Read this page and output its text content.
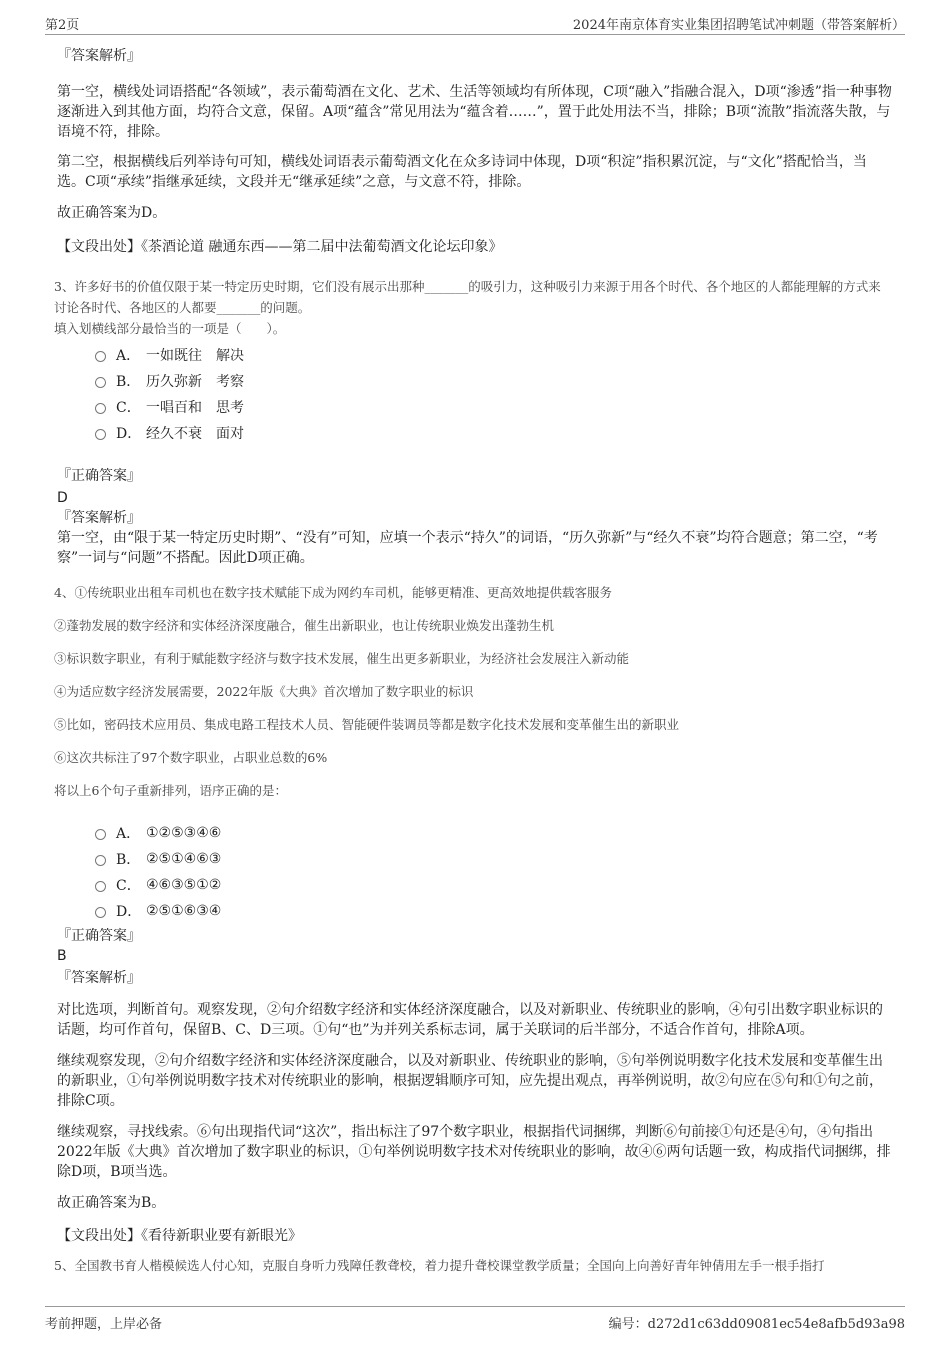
第2页	2024年南京体育实业集团招聘笔试冲刺题（带答案解析）

『答案解析』

第一空，横线处词语搭配“各领域”，表示葡萄酒在文化、艺术、生活等领域均有所体现，C项“融入”指融合混入，D项“渗透”指一种事物逐渐进入到其他方面，均符合文意，保留。A项“蕴含”常见用法为“蕴含着……”，置于此处用法不当，排除；B项“流散”指流落失散，与语境不符，排除。

第二空，根据横线后列举诗句可知，横线处词语表示葡萄酒文化在众多诗词中体现，D项“积淀”指积累沉淀，与“文化”搭配恰当，当选。C项“承续”指继承延续，文段并无“继承延续”之意，与文意不符，排除。

故正确答案为D。

【文段出处】《茶酒论道 融通东西——第二届中法葡萄酒文化论坛印象》

3、许多好书的价值仅限于某一特定历史时期，它们没有展示出那种_______的吸引力，这种吸引力来源于用各个时代、各个地区的人都能理解的方式来讨论各时代、各地区的人都要_______的问题。

填入划横线部分最恰当的一项是（　　）。

A． 一如既往　解决
B． 历久弥新　考察
C． 一唱百和　思考
D． 经久不衰　面对

『正确答案』

D

『答案解析』

第一空，由“限于某一特定历史时期”、“没有”可知，应填一个表示“持久”的词语，“历久弥新”与“经久不衰”均符合题意；第二空，“考察”一词与“问题”不搭配。因此D项正确。

4、①传统职业出租车司机也在数字技术赋能下成为网约车司机，能够更精准、更高效地提供载客服务

②蓬勃发展的数字经济和实体经济深度融合，催生出新职业，也让传统职业焕发出蓬勃生机

③标识数字职业，有利于赋能数字经济与数字技术发展，催生出更多新职业，为经济社会发展注入新动能

④为适应数字经济发展需要，2022年版《大典》首次增加了数字职业的标识

⑤比如，密码技术应用员、集成电路工程技术人员、智能硬件装调员等都是数字化技术发展和变革催生出的新职业

⑥这次共标注了97个数字职业，占职业总数的6%

将以上6个句子重新排列，语序正确的是：

A． ①②⑤③④⑥
B． ②⑤①④⑥③
C． ④⑥③⑤①②
D． ②⑤①⑥③④

『正确答案』

B

『答案解析』

对比选项，判断首句。观察发现，②句介绍数字经济和实体经济深度融合，以及对新职业、传统职业的影响，④句引出数字职业标识的话题，均可作首句，保留B、C、D三项。①句“也”为并列关系标志词，属于关联词的后半部分，不适合作首句，排除A项。

继续观察发现，②句介绍数字经济和实体经济深度融合，以及对新职业、传统职业的影响，⑤句举例说明数字化技术发展和变革催生出的新职业，①句举例说明数字技术对传统职业的影响，根据逻辑顺序可知，应先提出观点，再举例说明，故②句应在⑤句和①句之前，排除C项。

继续观察，寻找线索。⑥句出现指代词“这次”，指出标注了97个数字职业，根据指代词捆绑，判断⑥句前接①句还是④句，④句指出2022年版《大典》首次增加了数字职业的标识，①句举例说明数字技术对传统职业的影响，故④⑥两句话题一致，构成指代词捆绑，排除D项，B项当选。

故正确答案为B。

【文段出处】《看待新职业要有新眼光》

5、全国教书育人楷模候选人付心知，克服自身听力残障任教聋校，着力提升聋校课堂教学质量；全国向上向善好青年钟倩用左手一根手指打

考前押题，上岸必备	编号：d272d1c63dd09081ec54e8afb5d93a98
